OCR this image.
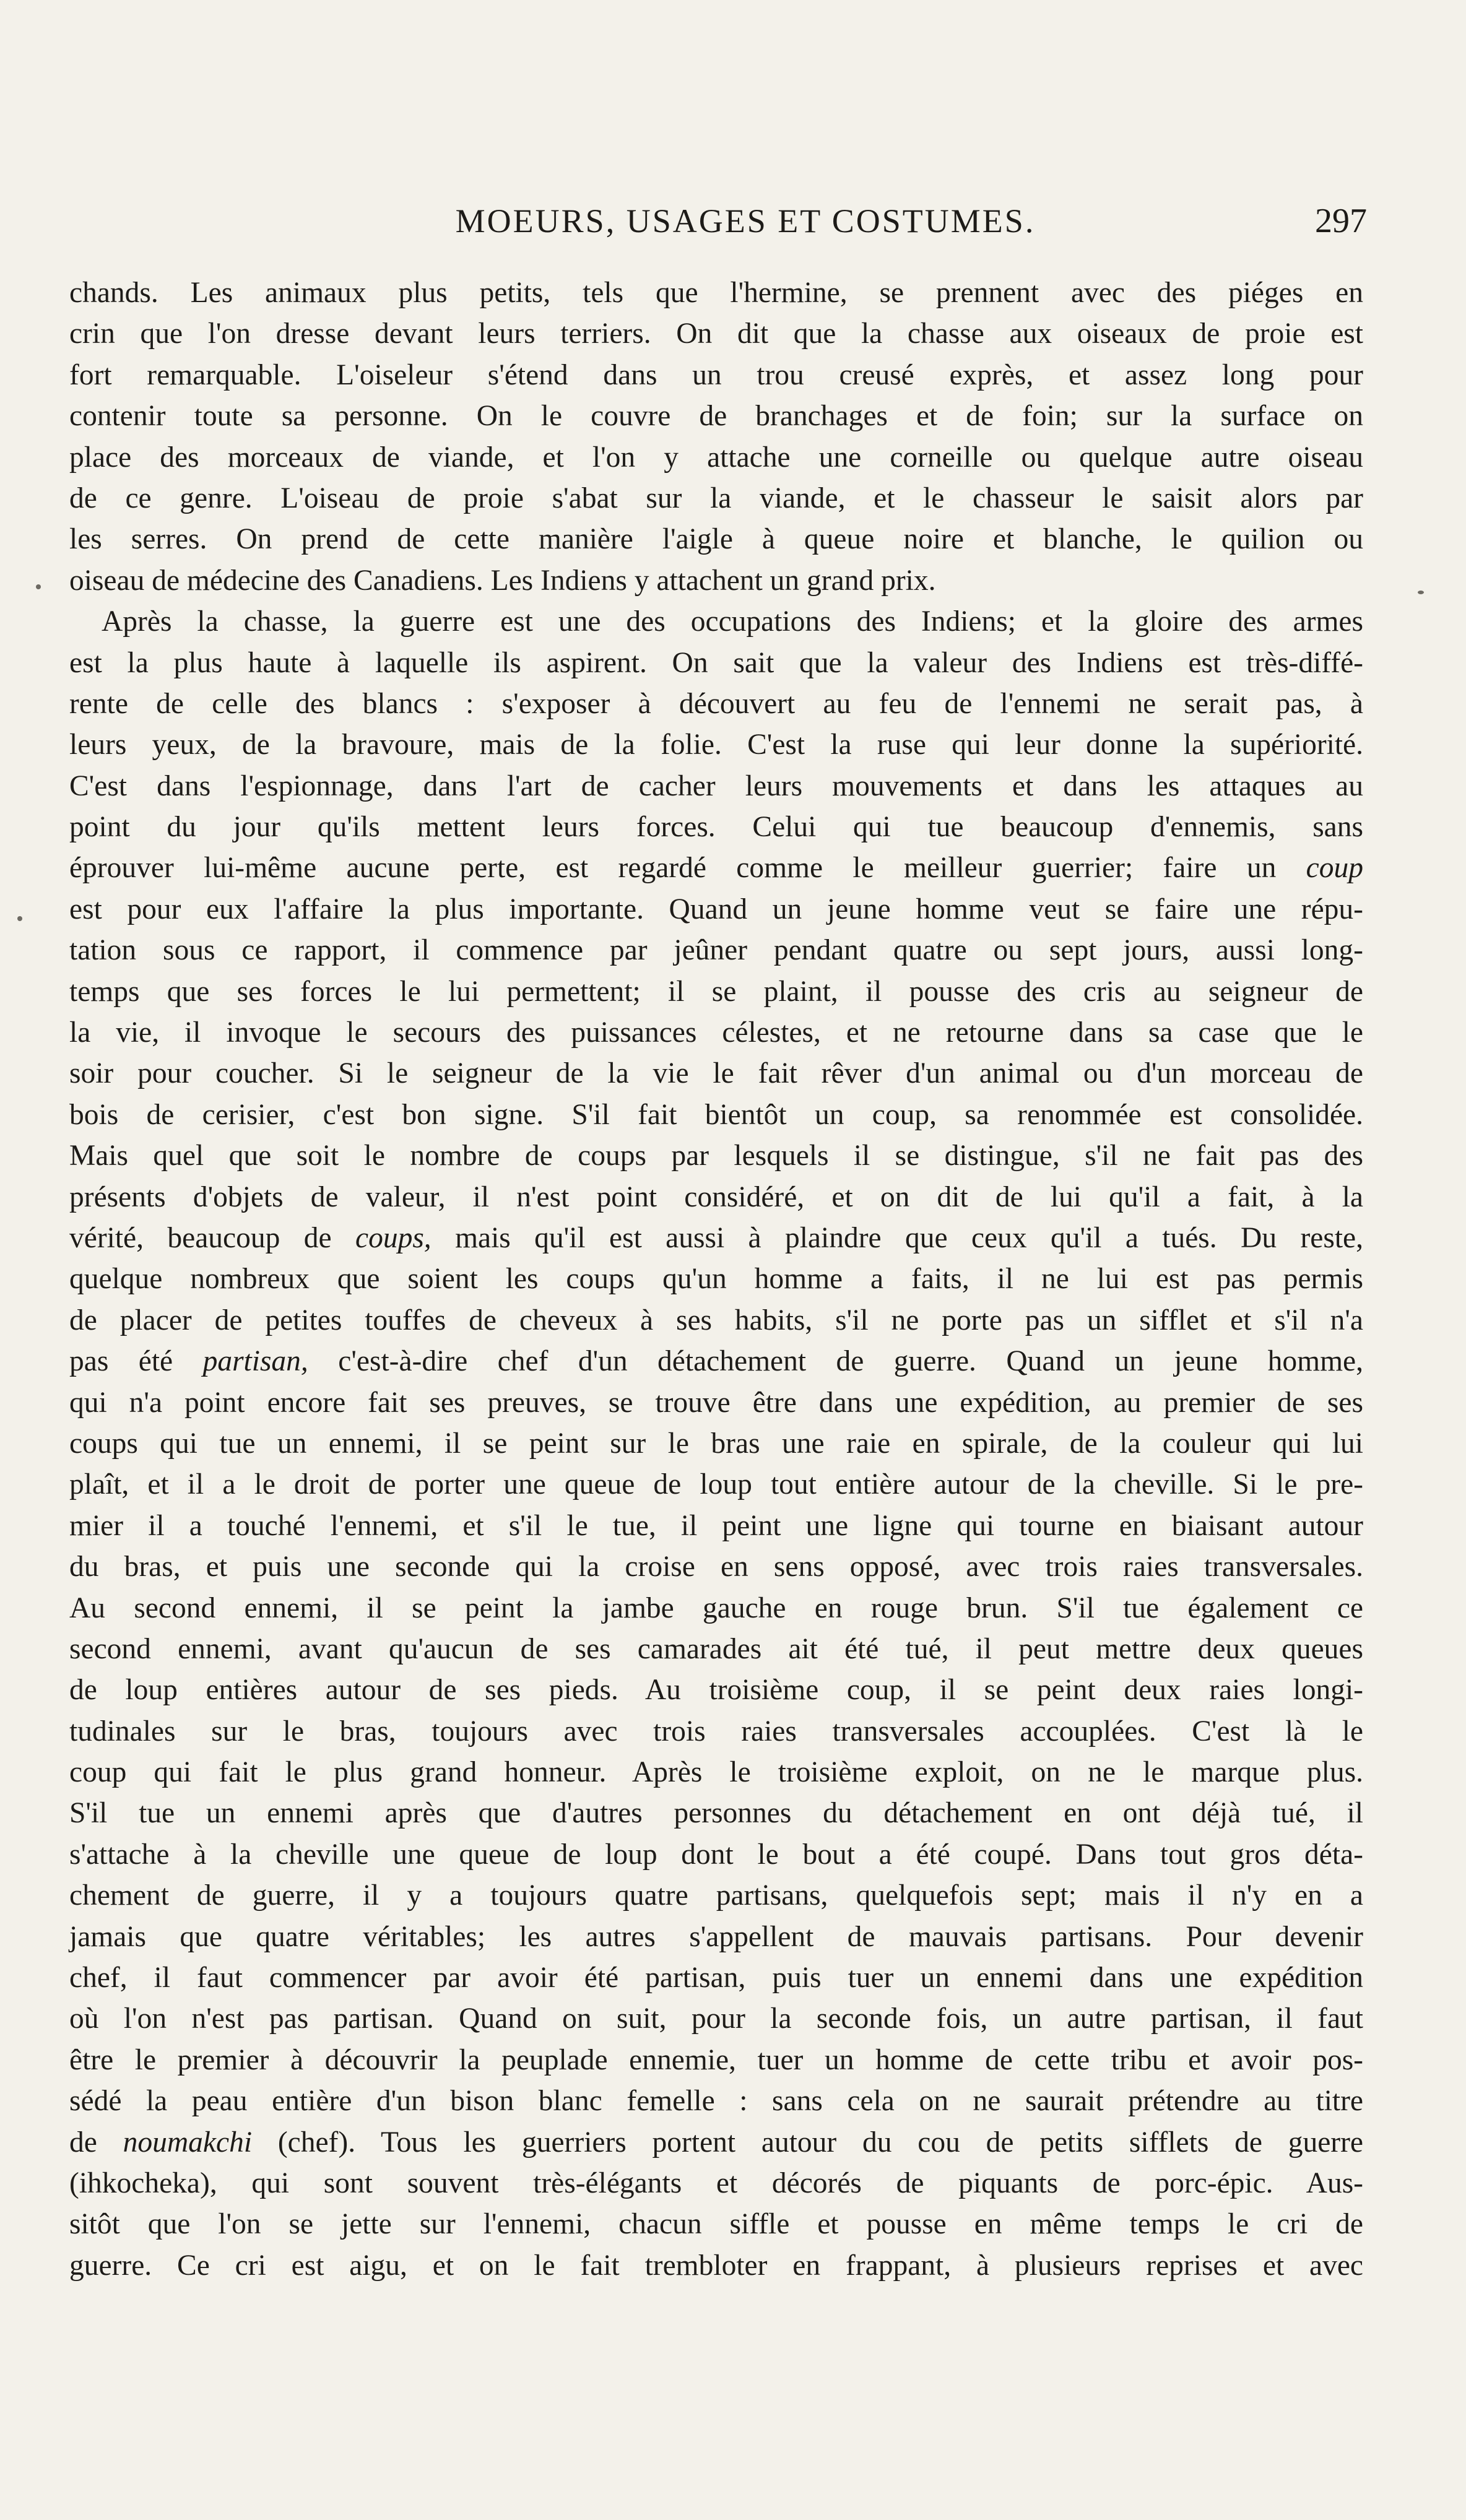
MOEURS, USAGES ET COSTUMES.	297
chands. Les animaux plus petits, tels que l'hermine, se prennent avec des piéges en
crin que l'on dresse devant leurs terriers. On dit que la chasse aux oiseaux de proie est
fort remarquable. L'oiseleur s'étend dans un trou creusé exprès, et assez long pour
contenir toute sa personne. On le couvre de branchages et de foin; sur la surface on
place des morceaux de viande, et l'on y attache une corneille ou quelque autre oiseau
de ce genre. L'oiseau de proie s'abat sur la viande, et le chasseur le saisit alors par
les serres. On prend de cette manière l'aigle à queue noire et blanche, le quilion ou
oiseau de médecine des Canadiens. Les Indiens y attachent un grand prix.
Après la chasse, la guerre est une des occupations des Indiens; et la gloire des armes
est la plus haute à laquelle ils aspirent. On sait que la valeur des Indiens est très-diffé-
rente de celle des blancs : s'exposer à découvert au feu de l'ennemi ne serait pas, à
leurs yeux, de la bravoure, mais de la folie. C'est la ruse qui leur donne la supériorité.
C'est dans l'espionnage, dans l'art de cacher leurs mouvements et dans les attaques au
point du jour qu'ils mettent leurs forces. Celui qui tue beaucoup d'ennemis, sans
éprouver lui-même aucune perte, est regardé comme le meilleur guerrier; faire un coup
est pour eux l'affaire la plus importante. Quand un jeune homme veut se faire une répu-
tation sous ce rapport, il commence par jeûner pendant quatre ou sept jours, aussi long-
temps que ses forces le lui permettent; il se plaint, il pousse des cris au seigneur de
la vie, il invoque le secours des puissances célestes, et ne retourne dans sa case que le
soir pour coucher. Si le seigneur de la vie le fait rêver d'un animal ou d'un morceau de
bois de cerisier, c'est bon signe. S'il fait bientôt un coup, sa renommée est consolidée.
Mais quel que soit le nombre de coups par lesquels il se distingue, s'il ne fait pas des
présents d'objets de valeur, il n'est point considéré, et on dit de lui qu'il a fait, à la
vérité, beaucoup de coups, mais qu'il est aussi à plaindre que ceux qu'il a tués. Du reste,
quelque nombreux que soient les coups qu'un homme a faits, il ne lui est pas permis
de placer de petites touffes de cheveux à ses habits, s'il ne porte pas un sifflet et s'il n'a
pas été partisan, c'est-à-dire chef d'un détachement de guerre. Quand un jeune homme,
qui n'a point encore fait ses preuves, se trouve être dans une expédition, au premier de ses
coups qui tue un ennemi, il se peint sur le bras une raie en spirale, de la couleur qui lui
plaît, et il a le droit de porter une queue de loup tout entière autour de la cheville. Si le pre-
mier il a touché l'ennemi, et s'il le tue, il peint une ligne qui tourne en biaisant autour
du bras, et puis une seconde qui la croise en sens opposé, avec trois raies transversales.
Au second ennemi, il se peint la jambe gauche en rouge brun. S'il tue également ce
second ennemi, avant qu'aucun de ses camarades ait été tué, il peut mettre deux queues
de loup entières autour de ses pieds. Au troisième coup, il se peint deux raies longi-
tudinales sur le bras, toujours avec trois raies transversales accouplées. C'est là le
coup qui fait le plus grand honneur. Après le troisième exploit, on ne le marque plus.
S'il tue un ennemi après que d'autres personnes du détachement en ont déjà tué, il
s'attache à la cheville une queue de loup dont le bout a été coupé. Dans tout gros déta-
chement de guerre, il y a toujours quatre partisans, quelquefois sept; mais il n'y en a
jamais que quatre véritables; les autres s'appellent de mauvais partisans. Pour devenir
chef, il faut commencer par avoir été partisan, puis tuer un ennemi dans une expédition
où l'on n'est pas partisan. Quand on suit, pour la seconde fois, un autre partisan, il faut
être le premier à découvrir la peuplade ennemie, tuer un homme de cette tribu et avoir pos-
sédé la peau entière d'un bison blanc femelle : sans cela on ne saurait prétendre au titre
de noumakchi (chef). Tous les guerriers portent autour du cou de petits sifflets de guerre
(ihkocheka), qui sont souvent très-élégants et décorés de piquants de porc-épic. Aus-
sitôt que l'on se jette sur l'ennemi, chacun siffle et pousse en même temps le cri de
guerre. Ce cri est aigu, et on le fait trembloter en frappant, à plusieurs reprises et avec
